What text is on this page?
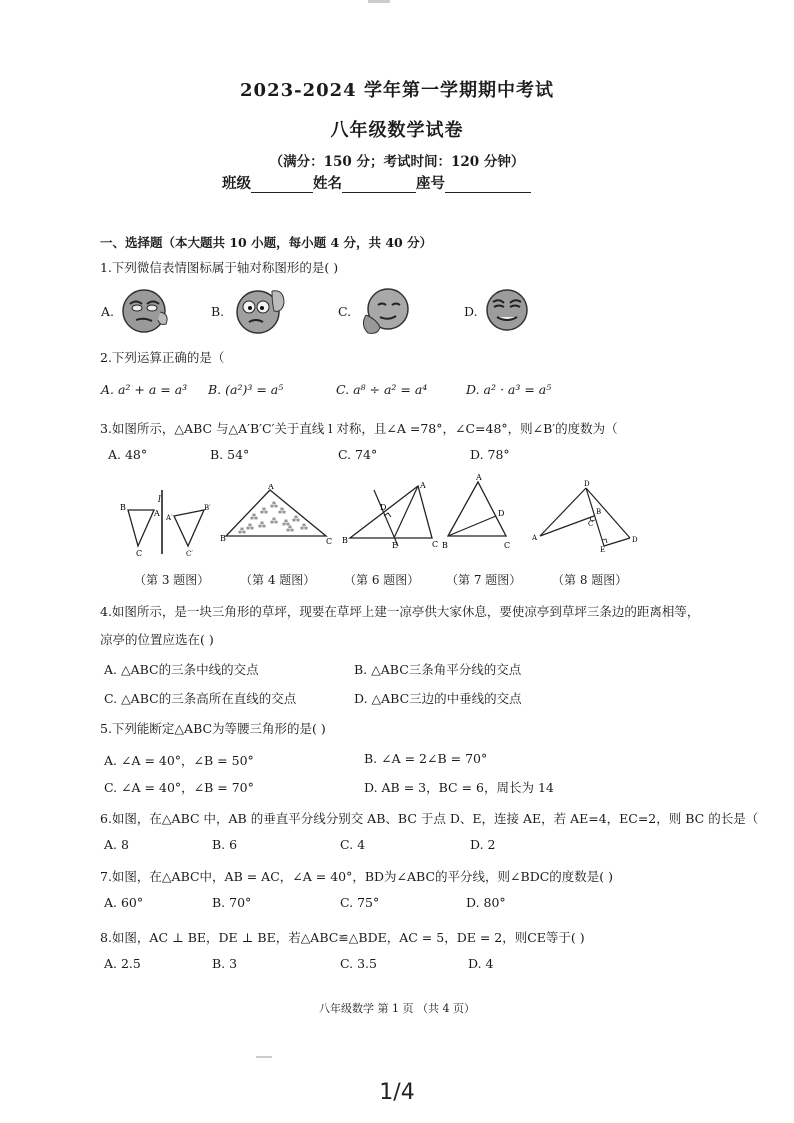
2023-2024 学年第一学期期中考试
八年级数学试卷
（满分：150 分；考试时间：120 分钟）
班级	姓名	座号
一、选择题（本大题共 10 小题，每小题 4 分，共 40 分）
1.下列微信表情图标属于轴对称图形的是( )
A.	B.	C.	D.
2.下列运算正确的是（
A. a² + a = a³ B. (a²)³ = a⁵	C. a⁸ ÷ a² = a⁴	D. a² · a³ = a⁵
3.如图所示，△ABC 与△A′B′C′关于直线 l 对称，且∠A =78°，∠C=48°，则∠B′的度数为（
A. 48°	B. 54°	C. 74°	D. 78°
l
B
A
C
A′
B′
C′
⁂
⁂
⁂
⁂
⁂ ⁂ ⁂ ⁂ ⁂
⁂
⁂	⁂
A
B	C
A
D
B
E	C
A
D
B	C
D
A
C
B
E
D
（第 3 题图）	（第 4 题图） （第 6 题图） （第 7 题图）	（第 8 题图）
4.如图所示，是一块三角形的草坪，现要在草坪上建一凉亭供大家休息，要使凉亭到草坪三条边的距离相等，
凉亭的位置应选在( )
A. △ABC的三条中线的交点	B. △ABC三条角平分线的交点
C. △ABC的三条高所在直线的交点	D. △ABC三边的中垂线的交点
5.下列能断定△ABC为等腰三角形的是( )
A. ∠A = 40°，∠B = 50°	B. ∠A = 2∠B = 70°
C. ∠A = 40°，∠B = 70°	D. AB = 3，BC = 6，周长为 14
6.如图，在△ABC 中，AB 的垂直平分线分别交 AB、BC 于点 D、E，连接 AE，若 AE=4，EC=2，则 BC 的长是（
A. 8	B. 6	C. 4	D. 2
7.如图，在△ABC中，AB = AC，∠A = 40°，BD为∠ABC的平分线，则∠BDC的度数是( )
A. 60°	B. 70°	C. 75°	D. 80°
8.如图，AC ⊥ BE，DE ⊥ BE，若△ABC≌△BDE，AC = 5，DE = 2，则CE等于( )
A. 2.5	B. 3	C. 3.5	D. 4
八年级数学 第 1 页 （共 4 页）
1/4
